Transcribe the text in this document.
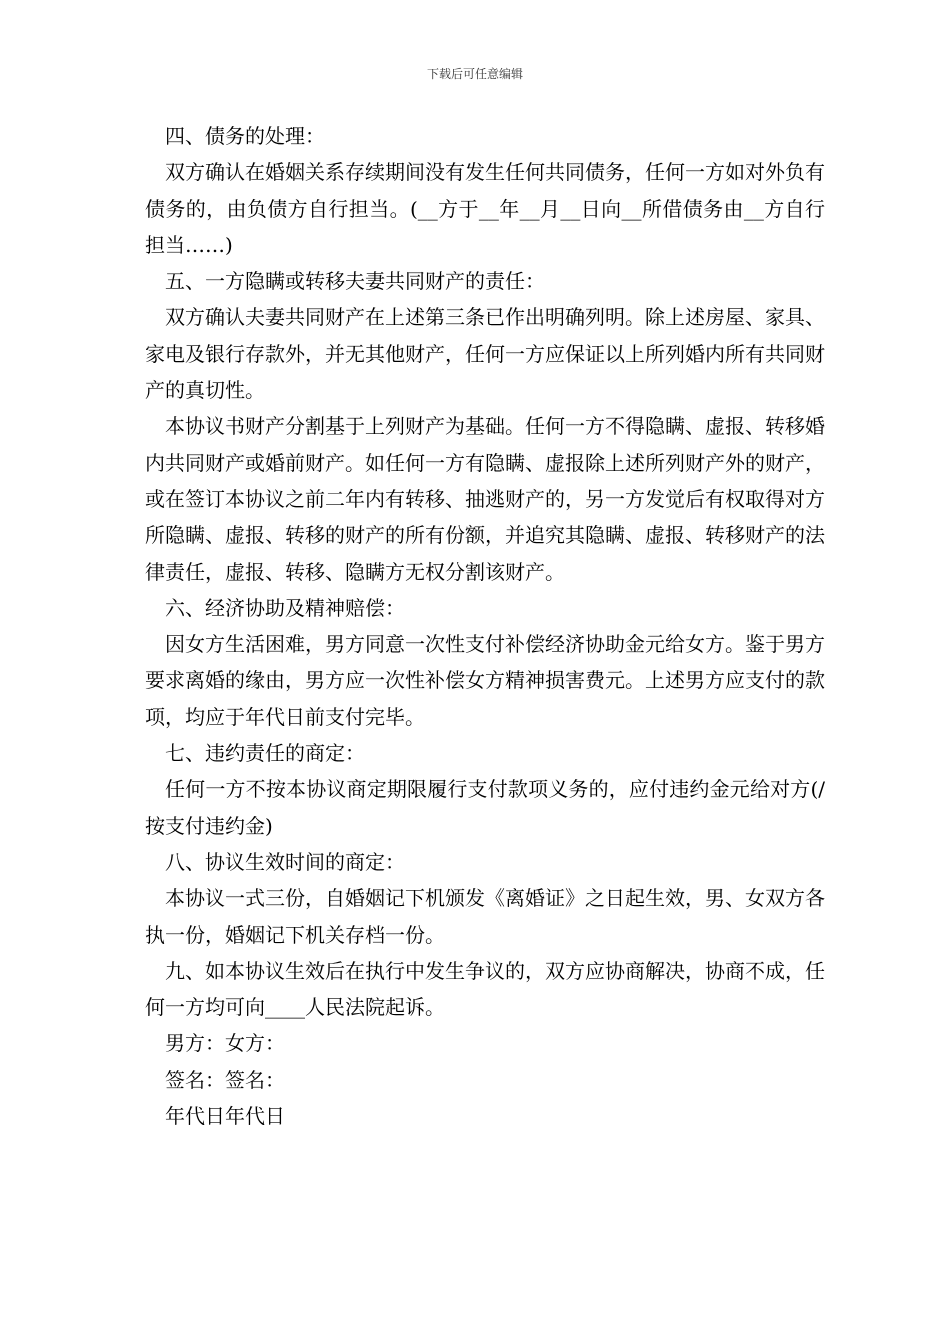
下载后可任意编辑

四、债务的处理：

双方确认在婚姻关系存续期间没有发生任何共同债务，任何一方如对外负有债务的，由负债方自行担当。(__方于__年__月__日向__所借债务由__方自行担当……)

五、一方隐瞒或转移夫妻共同财产的责任：

双方确认夫妻共同财产在上述第三条已作出明确列明。除上述房屋、家具、家电及银行存款外，并无其他财产，任何一方应保证以上所列婚内所有共同财产的真切性。

本协议书财产分割基于上列财产为基础。任何一方不得隐瞒、虚报、转移婚内共同财产或婚前财产。如任何一方有隐瞒、虚报除上述所列财产外的财产，或在签订本协议之前二年内有转移、抽逃财产的，另一方发觉后有权取得对方所隐瞒、虚报、转移的财产的所有份额，并追究其隐瞒、虚报、转移财产的法律责任，虚报、转移、隐瞒方无权分割该财产。

六、经济协助及精神赔偿：

因女方生活困难，男方同意一次性支付补偿经济协助金元给女方。鉴于男方要求离婚的缘由，男方应一次性补偿女方精神损害费元。上述男方应支付的款项，均应于年代日前支付完毕。

七、违约责任的商定：

任何一方不按本协议商定期限履行支付款项义务的，应付违约金元给对方(/按支付违约金)

八、协议生效时间的商定：

本协议一式三份，自婚姻记下机颁发《离婚证》之日起生效，男、女双方各执一份，婚姻记下机关存档一份。

九、如本协议生效后在执行中发生争议的，双方应协商解决，协商不成，任何一方均可向____人民法院起诉。

男方：女方：

签名：签名：

年代日年代日
